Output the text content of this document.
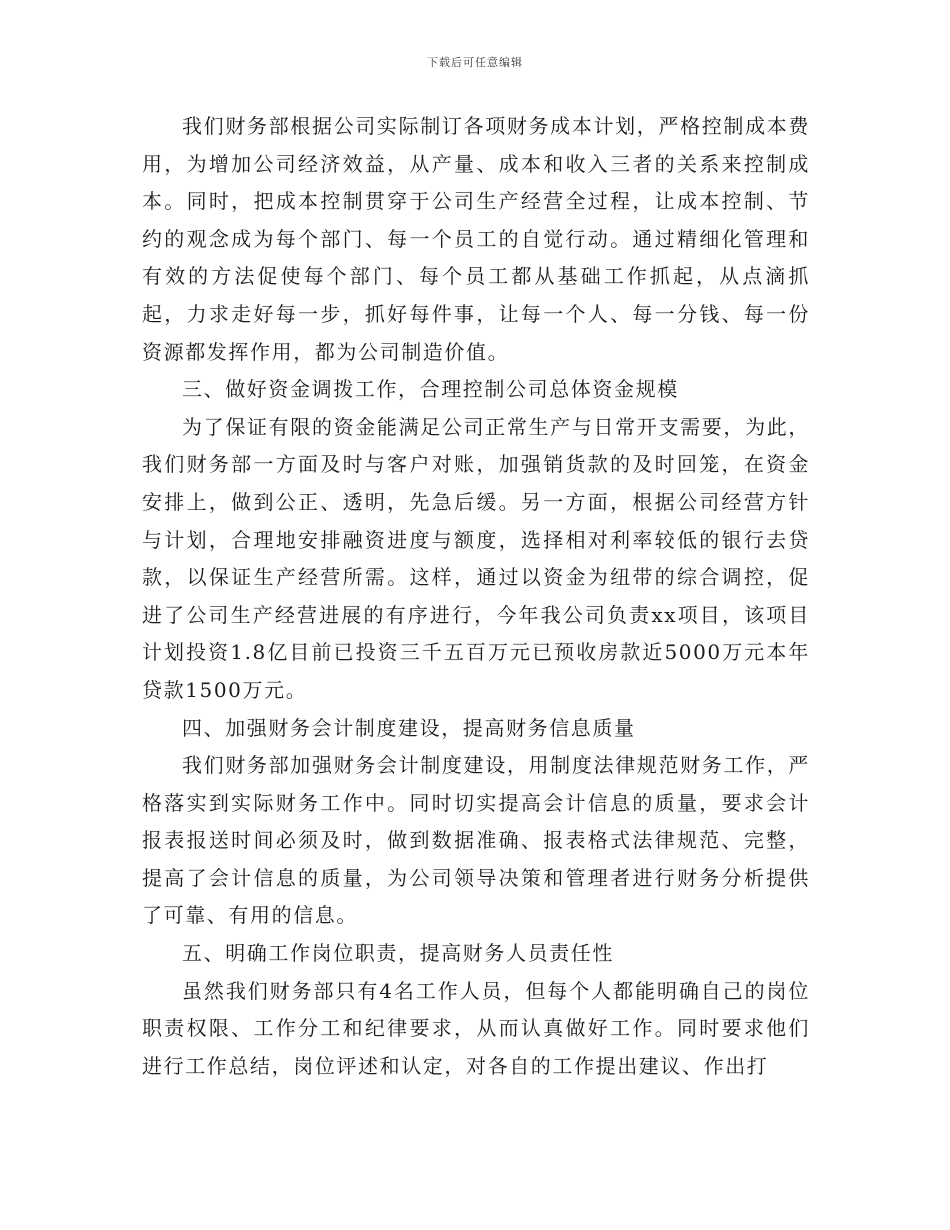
下载后可任意编辑

我们财务部根据公司实际制订各项财务成本计划，严格控制成本费用，为增加公司经济效益，从产量、成本和收入三者的关系来控制成本。同时，把成本控制贯穿于公司生产经营全过程，让成本控制、节约的观念成为每个部门、每一个员工的自觉行动。通过精细化管理和有效的方法促使每个部门、每个员工都从基础工作抓起，从点滴抓起，力求走好每一步，抓好每件事，让每一个人、每一分钱、每一份资源都发挥作用，都为公司制造价值。

三、做好资金调拨工作，合理控制公司总体资金规模

为了保证有限的资金能满足公司正常生产与日常开支需要，为此，我们财务部一方面及时与客户对账，加强销货款的及时回笼，在资金安排上，做到公正、透明，先急后缓。另一方面，根据公司经营方针与计划，合理地安排融资进度与额度，选择相对利率较低的银行去贷款，以保证生产经营所需。这样，通过以资金为纽带的综合调控，促进了公司生产经营进展的有序进行，今年我公司负责xx项目，该项目计划投资1.8亿目前已投资三千五百万元已预收房款近5000万元本年贷款1500万元。

四、加强财务会计制度建设，提高财务信息质量

我们财务部加强财务会计制度建设，用制度法律规范财务工作，严格落实到实际财务工作中。同时切实提高会计信息的质量，要求会计报表报送时间必须及时，做到数据准确、报表格式法律规范、完整，提高了会计信息的质量，为公司领导决策和管理者进行财务分析提供了可靠、有用的信息。

五、明确工作岗位职责，提高财务人员责任性

虽然我们财务部只有4名工作人员，但每个人都能明确自己的岗位职责权限、工作分工和纪律要求，从而认真做好工作。同时要求他们进行工作总结，岗位评述和认定，对各自的工作提出建议、作出打
